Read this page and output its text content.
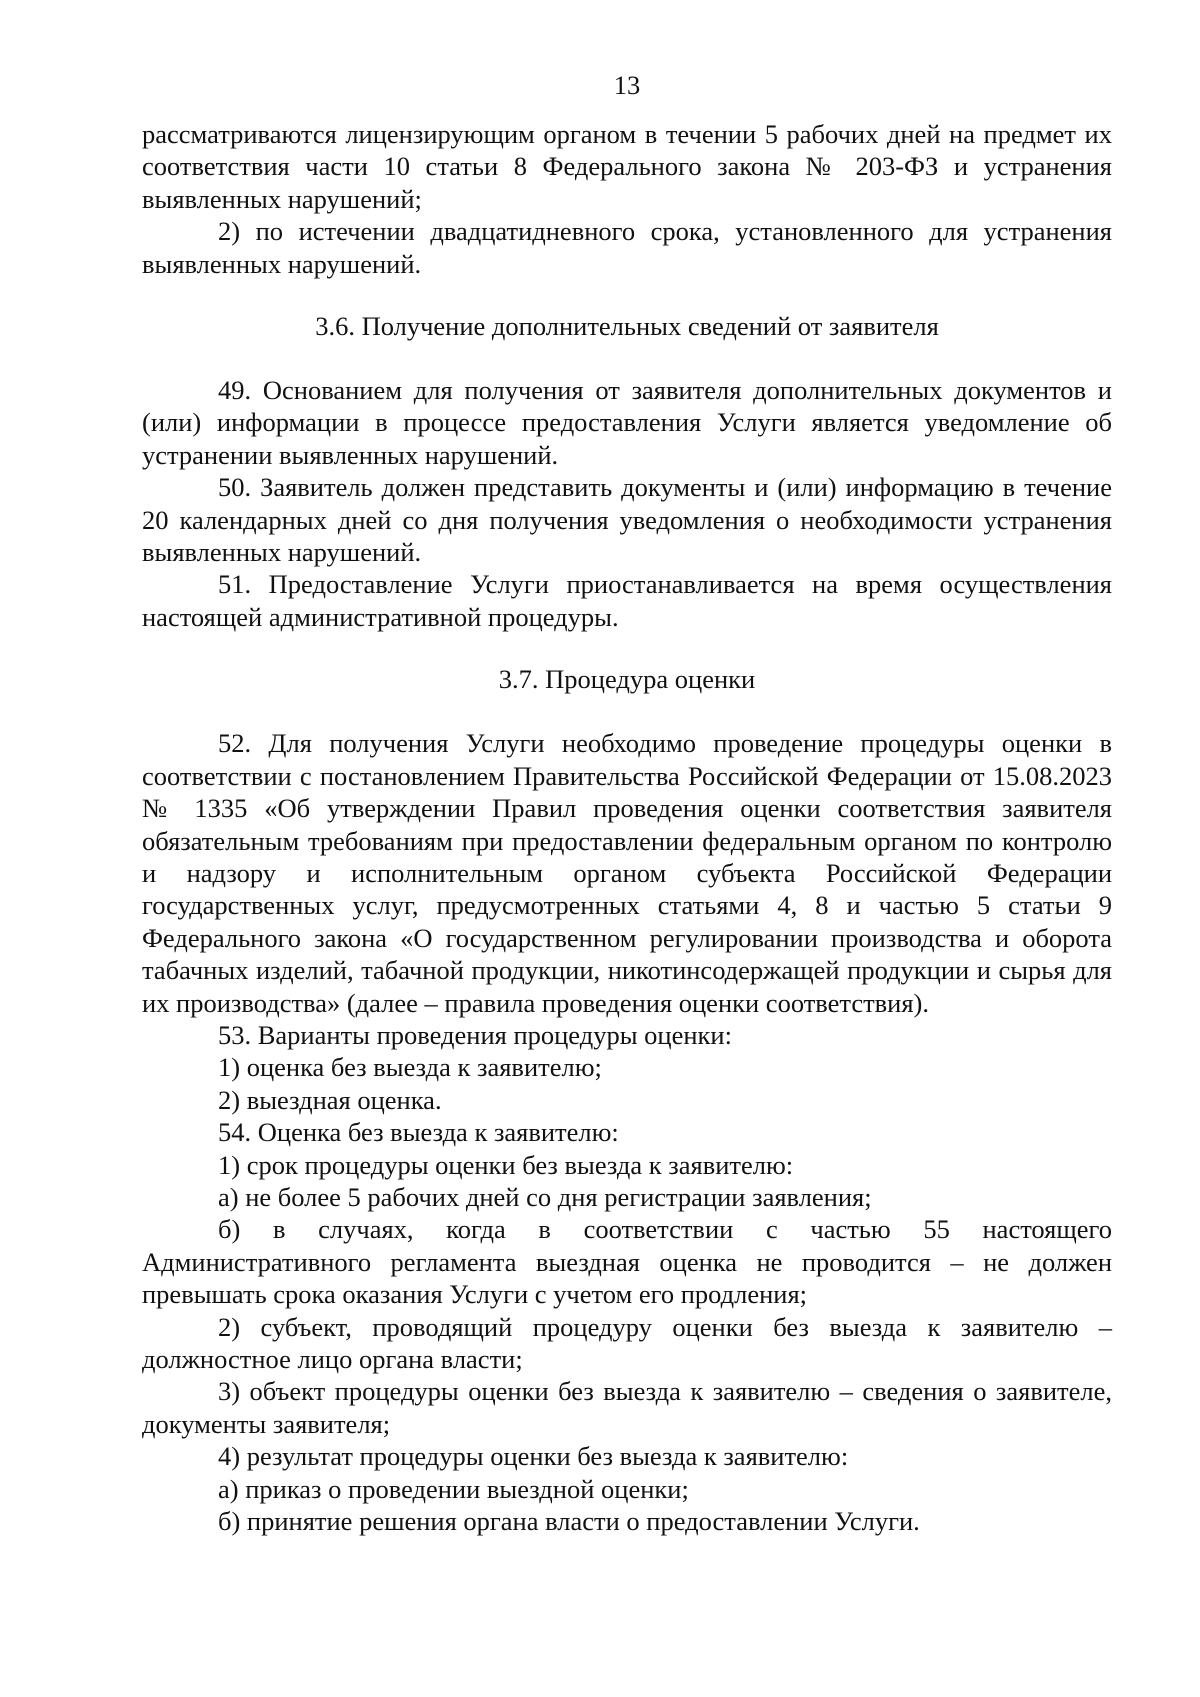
13

рассматриваются лицензирующим органом в течении 5 рабочих дней на предмет их соответствия части 10 статьи 8 Федерального закона № 203-ФЗ и устранения выявленных нарушений;

2) по истечении двадцатидневного срока, установленного для устранения выявленных нарушений.

3.6. Получение дополнительных сведений от заявителя

49. Основанием для получения от заявителя дополнительных документов и (или) информации в процессе предоставления Услуги является уведомление об устранении выявленных нарушений.

50. Заявитель должен представить документы и (или) информацию в течение 20 календарных дней со дня получения уведомления о необходимости устранения выявленных нарушений.

51. Предоставление Услуги приостанавливается на время осуществления настоящей административной процедуры.

3.7. Процедура оценки

52. Для получения Услуги необходимо проведение процедуры оценки в соответствии с постановлением Правительства Российской Федерации от 15.08.2023 № 1335 «Об утверждении Правил проведения оценки соответствия заявителя обязательным требованиям при предоставлении федеральным органом по контролю и надзору и исполнительным органом субъекта Российской Федерации государственных услуг, предусмотренных статьями 4, 8 и частью 5 статьи 9 Федерального закона «О государственном регулировании производства и оборота табачных изделий, табачной продукции, никотинсодержащей продукции и сырья для их производства» (далее – правила проведения оценки соответствия).

53. Варианты проведения процедуры оценки:

1) оценка без выезда к заявителю;

2) выездная оценка.

54. Оценка без выезда к заявителю:

1) срок процедуры оценки без выезда к заявителю:

а) не более 5 рабочих дней со дня регистрации заявления;

б) в случаях, когда в соответствии с частью 55 настоящего Административного регламента выездная оценка не проводится – не должен превышать срока оказания Услуги с учетом его продления;

2) субъект, проводящий процедуру оценки без выезда к заявителю – должностное лицо органа власти;

3) объект процедуры оценки без выезда к заявителю – сведения о заявителе, документы заявителя;

4) результат процедуры оценки без выезда к заявителю:

а) приказ о проведении выездной оценки;

б) принятие решения органа власти о предоставлении Услуги.
